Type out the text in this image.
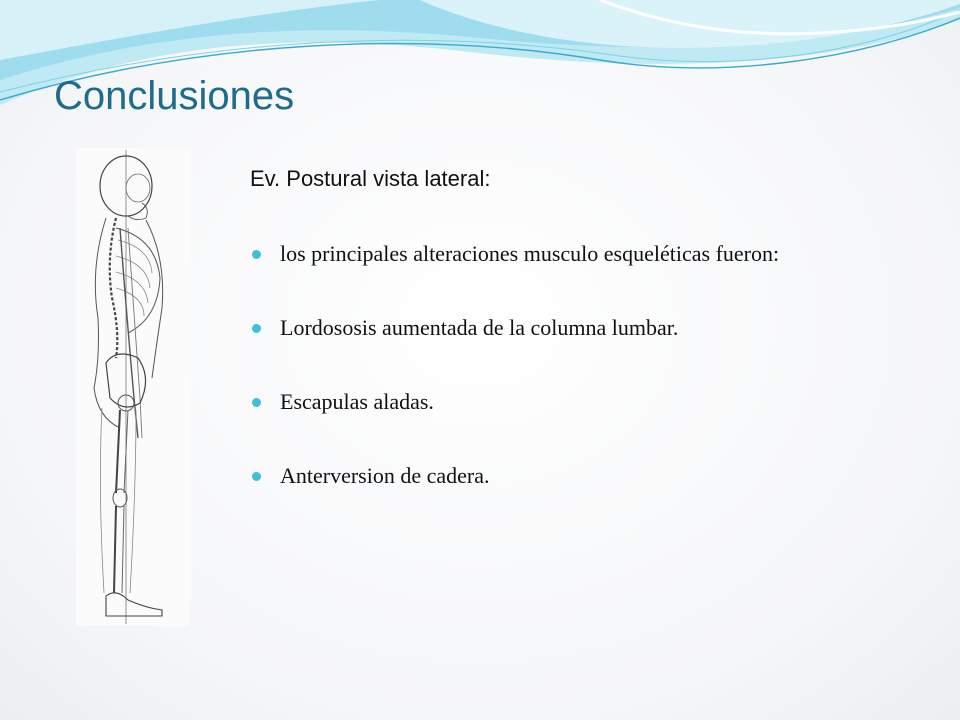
Conclusiones

Ev. Postural vista lateral:

los principales alteraciones musculo esqueléticas fueron:
Lordososis aumentada de la columna lumbar.
Escapulas aladas.
Anterversion de cadera.
